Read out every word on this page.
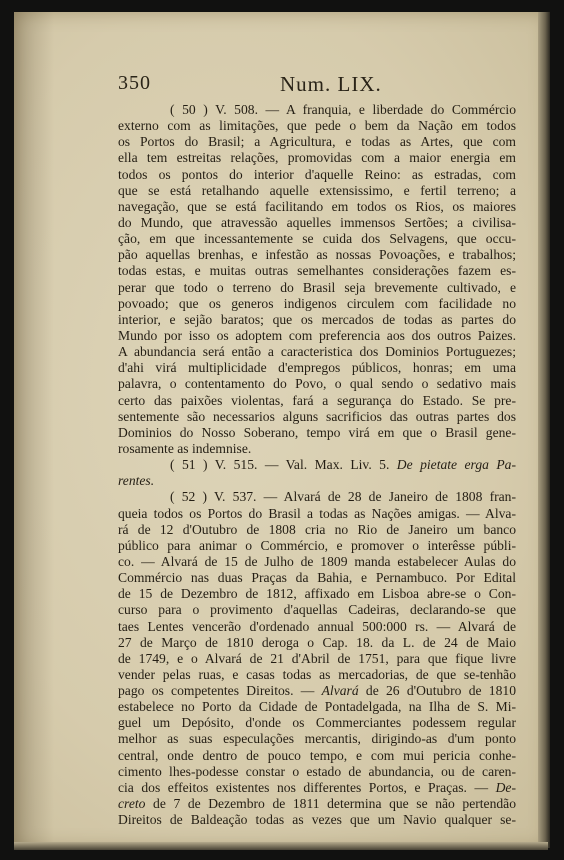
350	Num. LIX.
( 50 ) V. 508. — A franquia, e liberdade do Commércio
externo com as limitações, que pede o bem da Nação em todos
os Portos do Brasil; a Agricultura, e todas as Artes, que com
ella tem estreitas relações, promovidas com a maior energia em
todos os pontos do interior d'aquelle Reino: as estradas, com
que se está retalhando aquelle extensissimo, e fertil terreno; a
navegação, que se está facilitando em todos os Rios, os maiores
do Mundo, que atravessão aquelles immensos Sertões; a civilisa-
ção, em que incessantemente se cuida dos Selvagens, que occu-
pão aquellas brenhas, e infestão as nossas Povoações, e trabalhos;
todas estas, e muitas outras semelhantes considerações fazem es-
perar que todo o terreno do Brasil seja brevemente cultivado, e
povoado; que os generos indigenos circulem com facilidade no
interior, e sejão baratos; que os mercados de todas as partes do
Mundo por isso os adoptem com preferencia aos dos outros Paizes.
A abundancia será então a caracteristica dos Dominios Portuguezes;
d'ahi virá multiplicidade d'empregos públicos, honras; em uma
palavra, o contentamento do Povo, o qual sendo o sedativo mais
certo das paixões violentas, fará a segurança do Estado. Se pre-
sentemente são necessarios alguns sacrificios das outras partes dos
Dominios do Nosso Soberano, tempo virá em que o Brasil gene-
rosamente as indemnise.
( 51 ) V. 515. — Val. Max. Liv. 5. De pietate erga Pa-
rentes.
( 52 ) V. 537. — Alvará de 28 de Janeiro de 1808 fran-
queia todos os Portos do Brasil a todas as Nações amigas. — Alva-
rá de 12 d'Outubro de 1808 cria no Rio de Janeiro um banco
público para animar o Commércio, e promover o interêsse públi-
co. — Alvará de 15 de Julho de 1809 manda estabelecer Aulas do
Commércio nas duas Praças da Bahia, e Pernambuco. Por Edital
de 15 de Dezembro de 1812, affixado em Lisboa abre-se o Con-
curso para o provimento d'aquellas Cadeiras, declarando-se que
taes Lentes vencerão d'ordenado annual 500:000 rs. — Alvará de
27 de Março de 1810 deroga o Cap. 18. da L. de 24 de Maio
de 1749, e o Alvará de 21 d'Abril de 1751, para que fique livre
vender pelas ruas, e casas todas as mercadorias, de que se-tenhão
pago os competentes Direitos. — Alvará de 26 d'Outubro de 1810
estabelece no Porto da Cidade de Pontadelgada, na Ilha de S. Mi-
guel um Depósito, d'onde os Commerciantes podessem regular
melhor as suas especulações mercantis, dirigindo-as d'um ponto
central, onde dentro de pouco tempo, e com mui pericia conhe-
cimento lhes-podesse constar o estado de abundancia, ou de caren-
cia dos effeitos existentes nos differentes Portos, e Praças. — De-
creto de 7 de Dezembro de 1811 determina que se não pertendão
Direitos de Baldeação todas as vezes que um Navio qualquer se-
